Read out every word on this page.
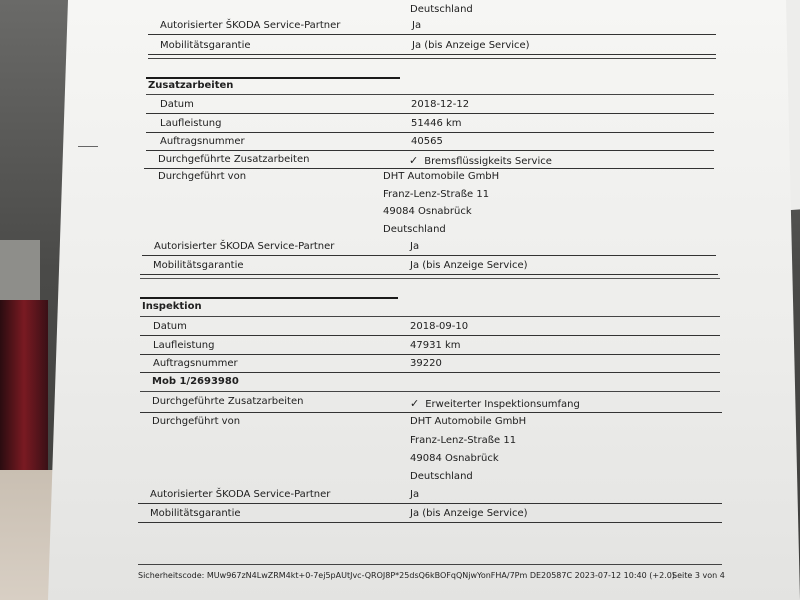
Deutschland
Autorisierter ŠKODA Service-Partner	Ja
Mobilitätsgarantie	Ja (bis Anzeige Service)
Zusatzarbeiten
Datum	2018-12-12
Laufleistung	51446 km
Auftragsnummer	40565
Durchgeführte Zusatzarbeiten	✓ Bremsflüssigkeits Service
Durchgeführt von	DHT Automobile GmbH
Franz-Lenz-Straße 11
49084 Osnabrück
Deutschland
Autorisierter ŠKODA Service-Partner	Ja
Mobilitätsgarantie	Ja (bis Anzeige Service)
Inspektion
Datum	2018-09-10
Laufleistung	47931 km
Auftragsnummer	39220
Mob 1/2693980
Durchgeführte Zusatzarbeiten	✓ Erweiterter Inspektionsumfang
Durchgeführt von	DHT Automobile GmbH
Franz-Lenz-Straße 11
49084 Osnabrück
Deutschland
Autorisierter ŠKODA Service-Partner	Ja
Mobilitätsgarantie	Ja (bis Anzeige Service)
Sicherheitscode: MUw967zN4LwZRM4kt+0-7ej5pAUtJvc-QROJ8P*25dsQ6kBOFqQNjwYonFHA/7Pm DE20587C 2023-07-12 10:40 (+2.0)
Seite 3 von 4
